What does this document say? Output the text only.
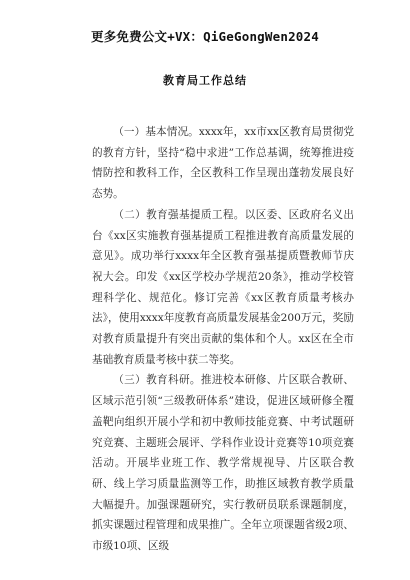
更多免费公文+VX：QiGeGongWen2024
教育局工作总结

（一）基本情况。xxxx年，xx市xx区教育局贯彻党的教育方针，坚持“稳中求进”工作总基调，统筹推进疫情防控和教科工作，全区教科工作呈现出蓬勃发展良好态势。

（二）教育强基提质工程。以区委、区政府名义出台《xx区实施教育强基提质工程推进教育高质量发展的意见》。成功举行xxxx年全区教育强基提质暨教师节庆祝大会。印发《xx区学校办学规范20条》，推动学校管理科学化、规范化。修订完善《xx区教育质量考核办法》，使用xxxx年度教育高质量发展基金200万元，奖励对教育质量提升有突出贡献的集体和个人。xx区在全市基础教育质量考核中获二等奖。

（三）教育科研。推进校本研修、片区联合教研、区域示范引领“三级教研体系”建设，促进区域研修全覆盖靶向组织开展小学和初中教师技能竞赛、中考试题研究竞赛、主题班会展评、学科作业设计竞赛等10项竞赛活动。开展毕业班工作、教学常规视导、片区联合教研、线上学习质量监测等工作，助推区域教育教学质量大幅提升。加强课题研究，实行教研员联系课题制度，抓实课题过程管理和成果推广。全年立项课题省级2项、市级10项、区级
